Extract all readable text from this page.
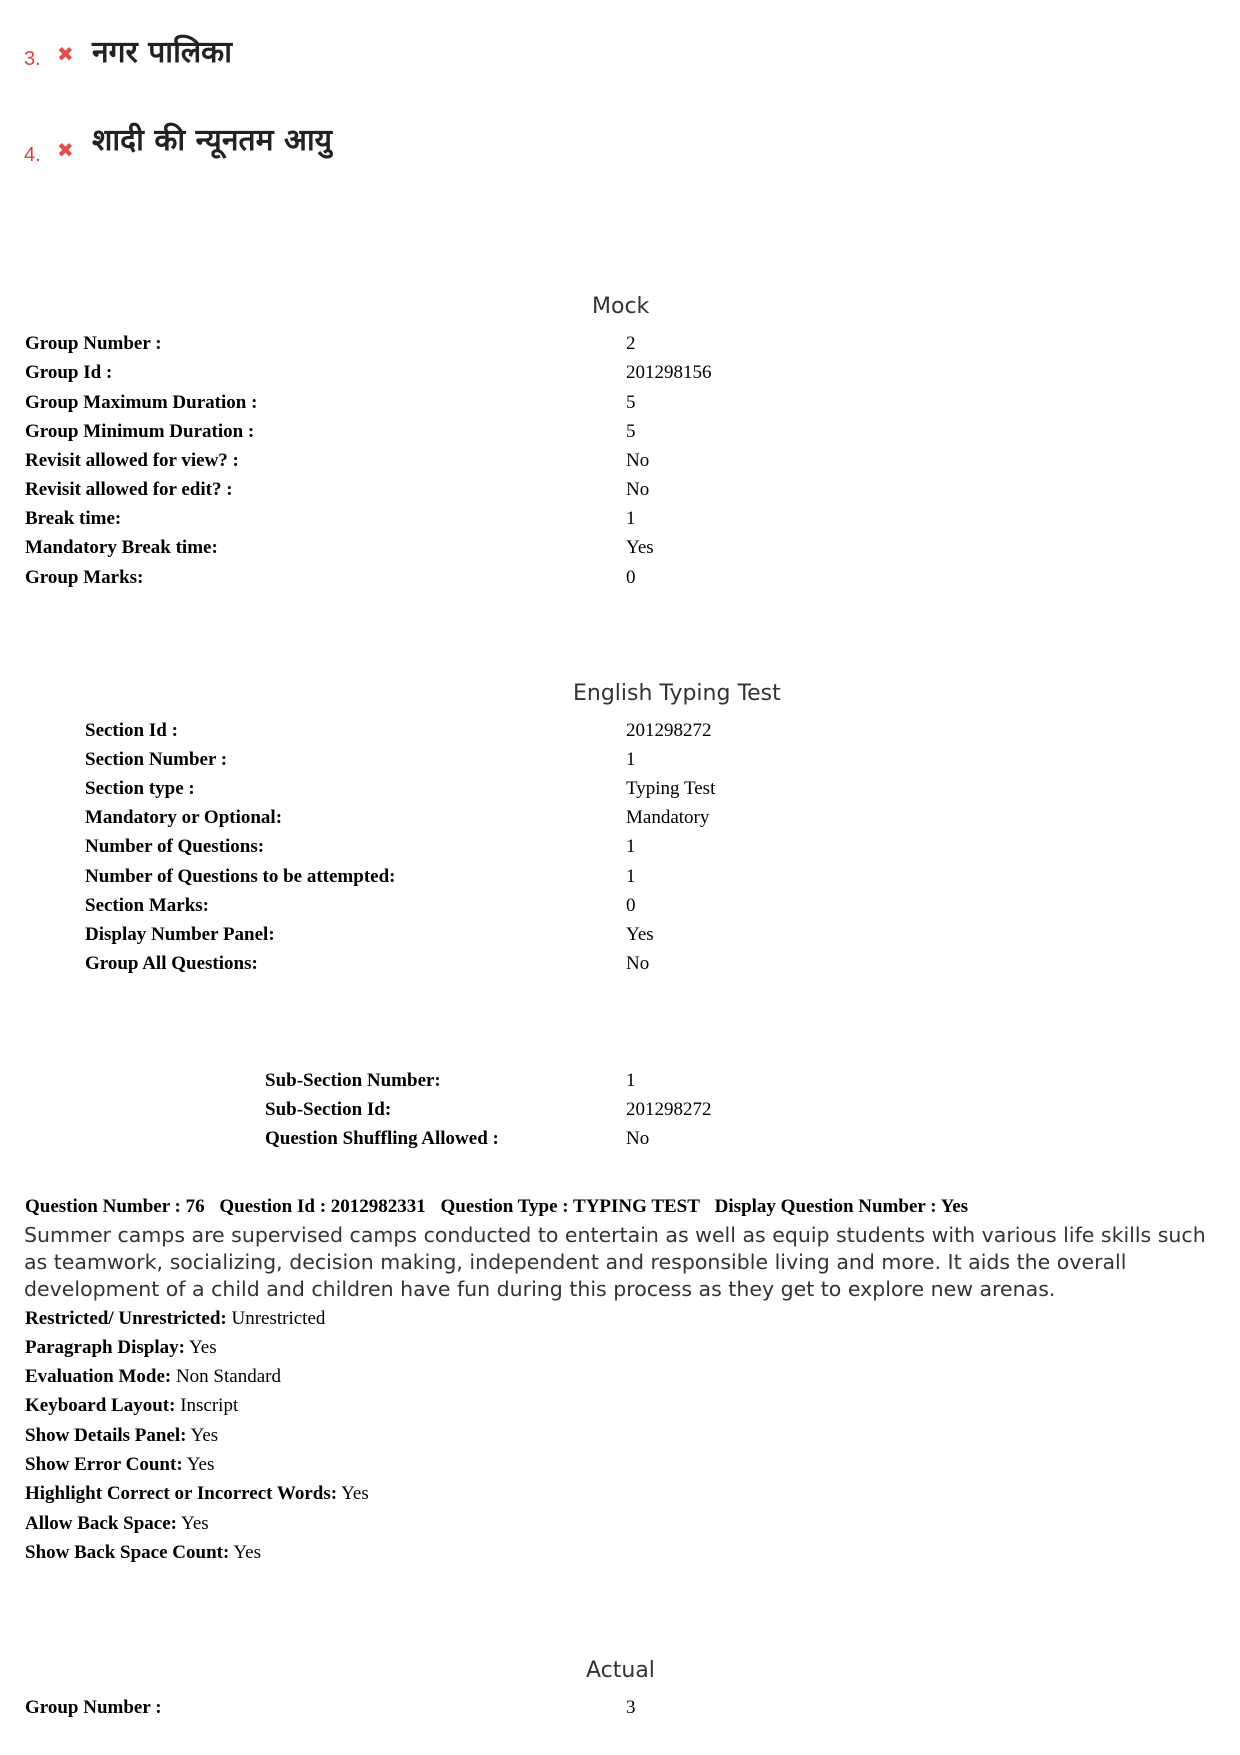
3. ✖ नगर पालिका
4. ✖ शादी की न्यूनतम आयु
Mock
Group Number :	2
Group Id :	201298156
Group Maximum Duration :	5
Group Minimum Duration :	5
Revisit allowed for view? :	No
Revisit allowed for edit? :	No
Break time:	1
Mandatory Break time:	Yes
Group Marks:	0
English Typing Test
Section Id :	201298272
Section Number :	1
Section type :	Typing Test
Mandatory or Optional:	Mandatory
Number of Questions:	1
Number of Questions to be attempted:	1
Section Marks:	0
Display Number Panel:	Yes
Group All Questions:	No
Sub-Section Number:	1
Sub-Section Id:	201298272
Question Shuffling Allowed :	No
Question Number : 76 Question Id : 2012982331 Question Type : TYPING TEST Display Question Number : Yes
Summer camps are supervised camps conducted to entertain as well as equip students with various life skills such as teamwork, socializing, decision making, independent and responsible living and more. It aids the overall development of a child and children have fun during this process as they get to explore new arenas.
Restricted/ Unrestricted: Unrestricted
Paragraph Display: Yes
Evaluation Mode: Non Standard
Keyboard Layout: Inscript
Show Details Panel: Yes
Show Error Count: Yes
Highlight Correct or Incorrect Words: Yes
Allow Back Space: Yes
Show Back Space Count: Yes
Actual
Group Number :	3
